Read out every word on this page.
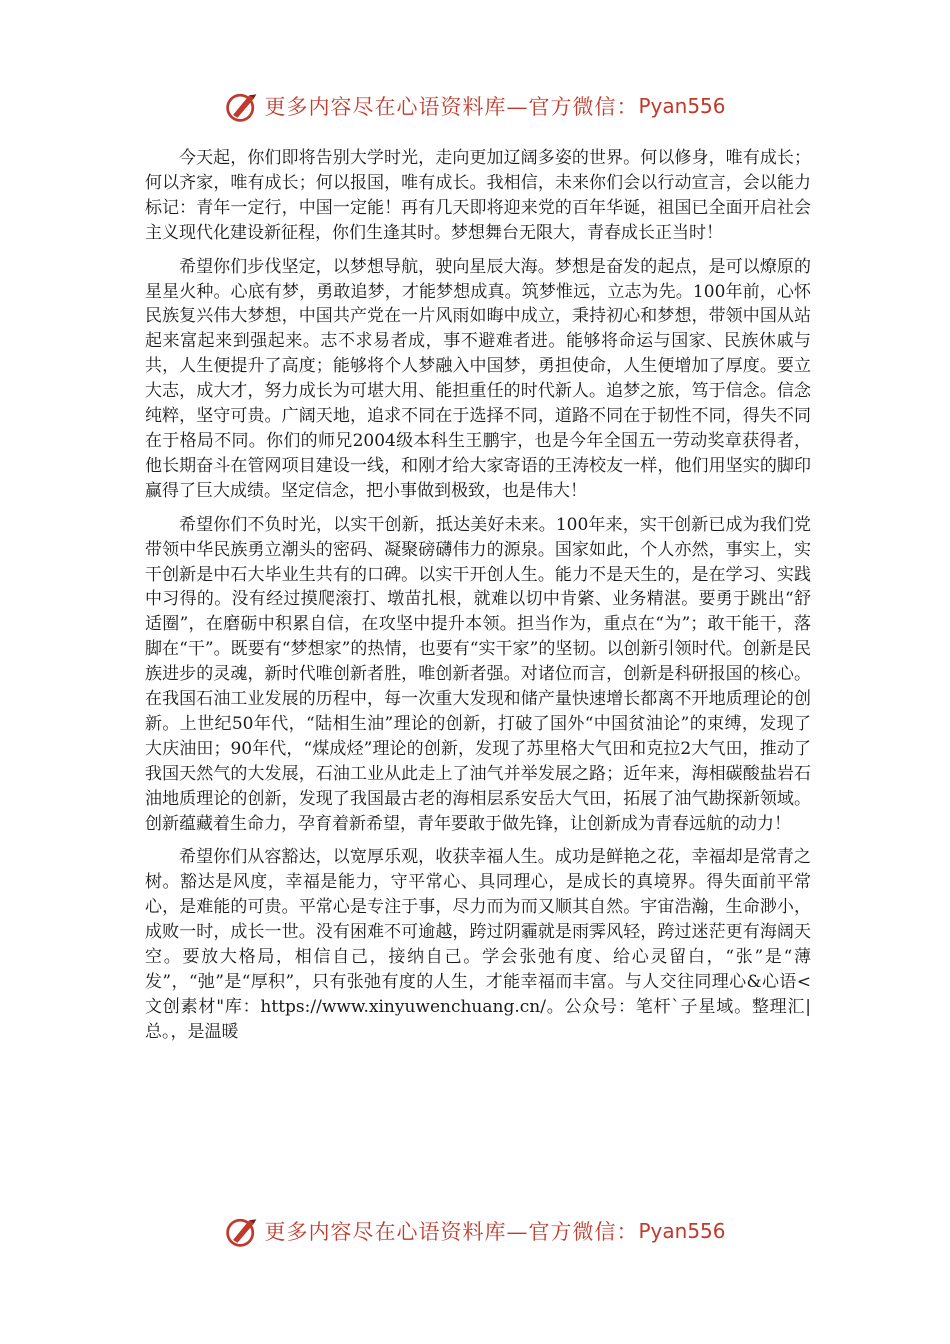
更多内容尽在心语资料库—官方微信： Pyan556

今天起，你们即将告别大学时光，走向更加辽阔多姿的世界。何以修身，唯有成长；何以齐家，唯有成长；何以报国，唯有成长。我相信，未来你们会以行动宣言，会以能力标记：青年一定行，中国一定能！再有几天即将迎来党的百年华诞，祖国已全面开启社会主义现代化建设新征程，你们生逢其时。梦想舞台无限大，青春成长正当时！

希望你们步伐坚定，以梦想导航，驶向星辰大海。梦想是奋发的起点，是可以燎原的星星火种。心底有梦，勇敢追梦，才能梦想成真。筑梦惟远，立志为先。100年前，心怀民族复兴伟大梦想，中国共产党在一片风雨如晦中成立，秉持初心和梦想，带领中国从站起来富起来到强起来。志不求易者成，事不避难者进。能够将命运与国家、民族休戚与共，人生便提升了高度；能够将个人梦融入中国梦，勇担使命，人生便增加了厚度。要立大志，成大才，努力成长为可堪大用、能担重任的时代新人。追梦之旅，笃于信念。信念纯粹，坚守可贵。广阔天地，追求不同在于选择不同，道路不同在于韧性不同，得失不同在于格局不同。你们的师兄2004级本科生王鹏宇，也是今年全国五一劳动奖章获得者，他长期奋斗在管网项目建设一线，和刚才给大家寄语的王涛校友一样，他们用坚实的脚印赢得了巨大成绩。坚定信念，把小事做到极致，也是伟大！

希望你们不负时光，以实干创新，抵达美好未来。100年来，实干创新已成为我们党带领中华民族勇立潮头的密码、凝聚磅礴伟力的源泉。国家如此，个人亦然，事实上，实干创新是中石大毕业生共有的口碑。以实干开创人生。能力不是天生的，是在学习、实践中习得的。没有经过摸爬滚打、墩苗扎根，就难以切中肯綮、业务精湛。要勇于跳出“舒适圈”，在磨砺中积累自信，在攻坚中提升本领。担当作为，重点在“为”；敢干能干，落脚在“干”。既要有“梦想家”的热情，也要有“实干家”的坚韧。以创新引领时代。创新是民族进步的灵魂，新时代唯创新者胜，唯创新者强。对诸位而言，创新是科研报国的核心。在我国石油工业发展的历程中，每一次重大发现和储产量快速增长都离不开地质理论的创新。上世纪50年代，“陆相生油”理论的创新，打破了国外“中国贫油论”的束缚，发现了大庆油田；90年代，“煤成烃”理论的创新，发现了苏里格大气田和克拉2大气田，推动了我国天然气的大发展，石油工业从此走上了油气并举发展之路；近年来，海相碳酸盐岩石油地质理论的创新，发现了我国最古老的海相层系安岳大气田，拓展了油气勘探新领域。创新蕴藏着生命力，孕育着新希望，青年要敢于做先锋，让创新成为青春远航的动力！

希望你们从容豁达，以宽厚乐观，收获幸福人生。成功是鲜艳之花，幸福却是常青之树。豁达是风度，幸福是能力，守平常心、具同理心，是成长的真境界。得失面前平常心，是难能的可贵。平常心是专注于事，尽力而为而又顺其自然。宇宙浩瀚，生命渺小，成败一时，成长一世。没有困难不可逾越，跨过阴霾就是雨霁风轻，跨过迷茫更有海阔天空。要放大格局，相信自己，接纳自己。学会张弛有度、给心灵留白，“张”是“薄发”，“弛”是“厚积”，只有张弛有度的人生，才能幸福而丰富。与人交往同理心&心语<文创素材"库：https://www.xinyuwenchuang.cn/。公众号：笔杆`子星域。整理汇|总。，是温暖

更多内容尽在心语资料库—官方微信： Pyan556
